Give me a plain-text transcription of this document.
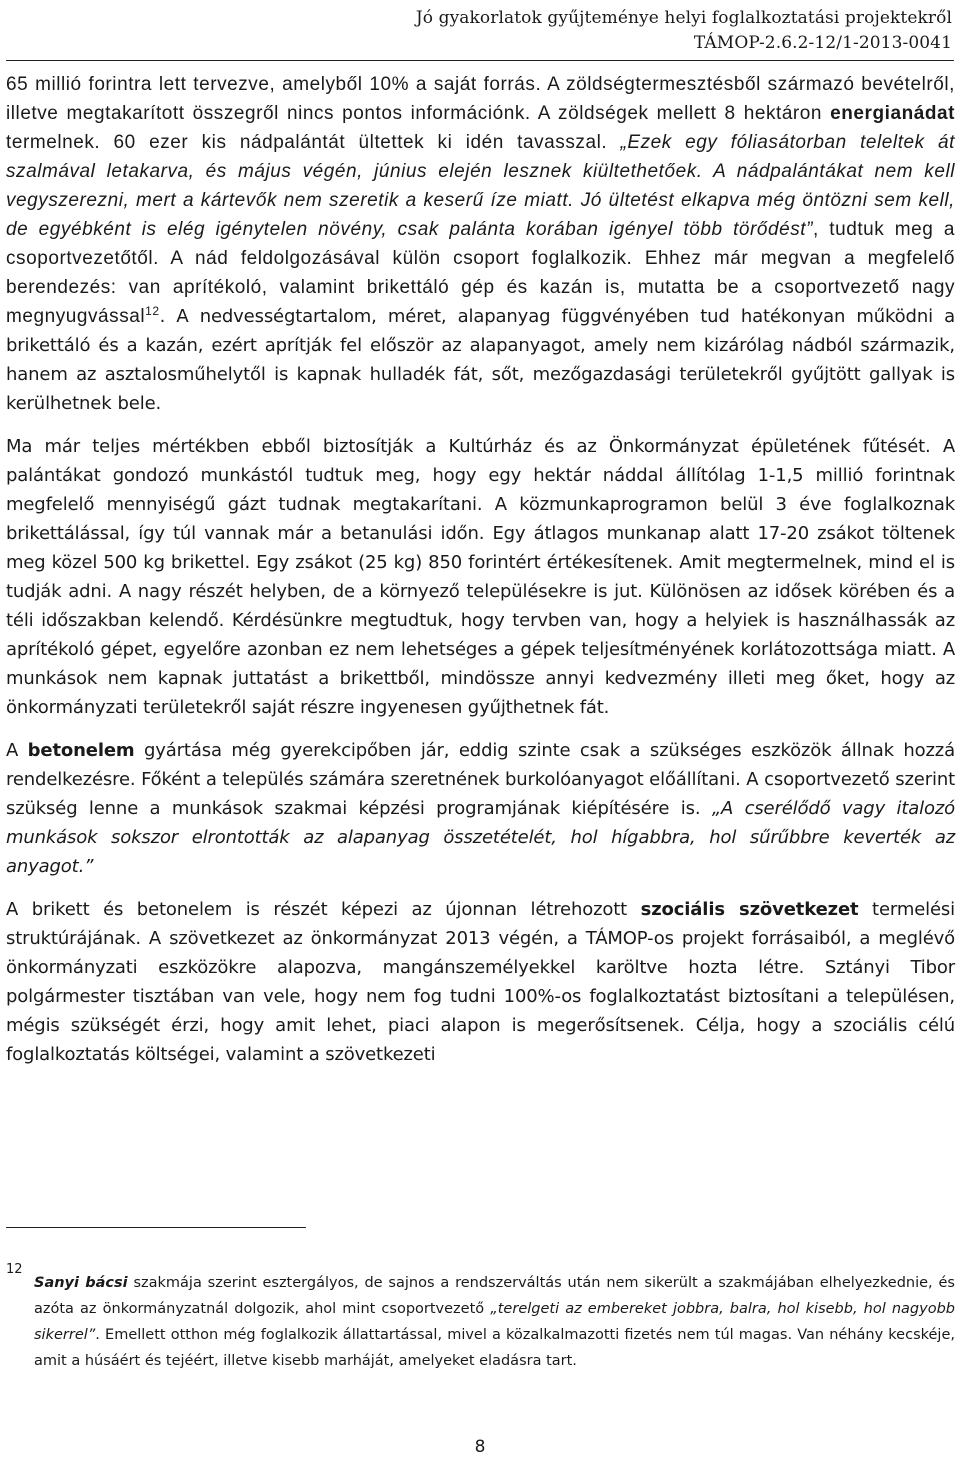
Jó gyakorlatok gyűjteménye helyi foglalkoztatási projektekről
TÁMOP-2.6.2-12/1-2013-0041

65 millió forintra lett tervezve, amelyből 10% a saját forrás. A zöldségtermesztésből származó bevételről, illetve megtakarított összegről nincs pontos információnk. A zöldségek mellett 8 hektáron energianádat termelnek. 60 ezer kis nádpalántát ültettek ki idén tavasszal. „Ezek egy fóliasátorban teleltek át szalmával letakarva, és május végén, június elején lesznek kiültethetőek. A nádpalántákat nem kell vegyszerezni, mert a kártevők nem szeretik a keserű íze miatt. Jó ültetést elkapva még öntözni sem kell, de egyébként is elég igénytelen növény, csak palánta korában igényel több törődést”, tudtuk meg a csoportvezetőtől. A nád feldolgozásával külön csoport foglalkozik. Ehhez már megvan a megfelelő berendezés: van aprítékoló, valamint brikettáló gép és kazán is, mutatta be a csoportvezető nagy megnyugvással$^{12}$. A nedvességtartalom, méret, alapanyag függvényében tud hatékonyan működni a brikettáló és a kazán, ezért aprítják fel először az alapanyagot, amely nem kizárólag nádból származik, hanem az asztalosműhelytől is kapnak hulladék fát, sőt, mezőgazdasági területekről gyűjtött gallyak is kerülhetnek bele.

Ma már teljes mértékben ebből biztosítják a Kultúrház és az Önkormányzat épületének fűtését. A palántákat gondozó munkástól tudtuk meg, hogy egy hektár náddal állítólag 1-1,5 millió forintnak megfelelő mennyiségű gázt tudnak megtakarítani. A közmunkaprogramon belül 3 éve foglalkoznak brikettálással, így túl vannak már a betanulási időn. Egy átlagos munkanap alatt 17-20 zsákot töltenek meg közel 500 kg brikettel. Egy zsákot (25 kg) 850 forintért értékesítenek. Amit megtermelnek, mind el is tudják adni. A nagy részét helyben, de a környező településekre is jut. Különösen az idősek körében és a téli időszakban kelendő. Kérdésünkre megtudtuk, hogy tervben van, hogy a helyiek is használhassák az aprítékoló gépet, egyelőre azonban ez nem lehetséges a gépek teljesítményének korlátozottsága miatt. A munkások nem kapnak juttatást a brikettből, mindössze annyi kedvezmény illeti meg őket, hogy az önkormányzati területekről saját részre ingyenesen gyűjthetnek fát.

A betonelem gyártása még gyerekcipőben jár, eddig szinte csak a szükséges eszközök állnak hozzá rendelkezésre. Főként a település számára szeretnének burkolóanyagot előállítani. A csoportvezető szerint szükség lenne a munkások szakmai képzési programjának kiépítésére is. „A cserélődő vagy italozó munkások sokszor elrontották az alapanyag összetételét, hol hígabbra, hol sűrűbbre keverték az anyagot.”

A brikett és betonelem is részét képezi az újonnan létrehozott szociális szövetkezet termelési struktúrájának. A szövetkezet az önkormányzat 2013 végén, a TÁMOP-os projekt forrásaiból, a meglévő önkormányzati eszközökre alapozva, mangánszemélyekkel karöltve hozta létre. Sztányi Tibor polgármester tisztában van vele, hogy nem fog tudni 100%-os foglalkoztatást biztosítani a településen, mégis szükségét érzi, hogy amit lehet, piaci alapon is megerősítsenek. Célja, hogy a szociális célú foglalkoztatás költségei, valamint a szövetkezeti

12
Sanyi bácsi szakmája szerint esztergályos, de sajnos a rendszerváltás után nem sikerült a szakmájában elhelyezkednie, és azóta az önkormányzatnál dolgozik, ahol mint csoportvezető „terelgeti az embereket jobbra, balra, hol kisebb, hol nagyobb sikerrel”. Emellett otthon még foglalkozik állattartással, mivel a közalkalmazotti fizetés nem túl magas. Van néhány kecskéje, amit a húsáért és tejéért, illetve kisebb marháját, amelyeket eladásra tart.
8
